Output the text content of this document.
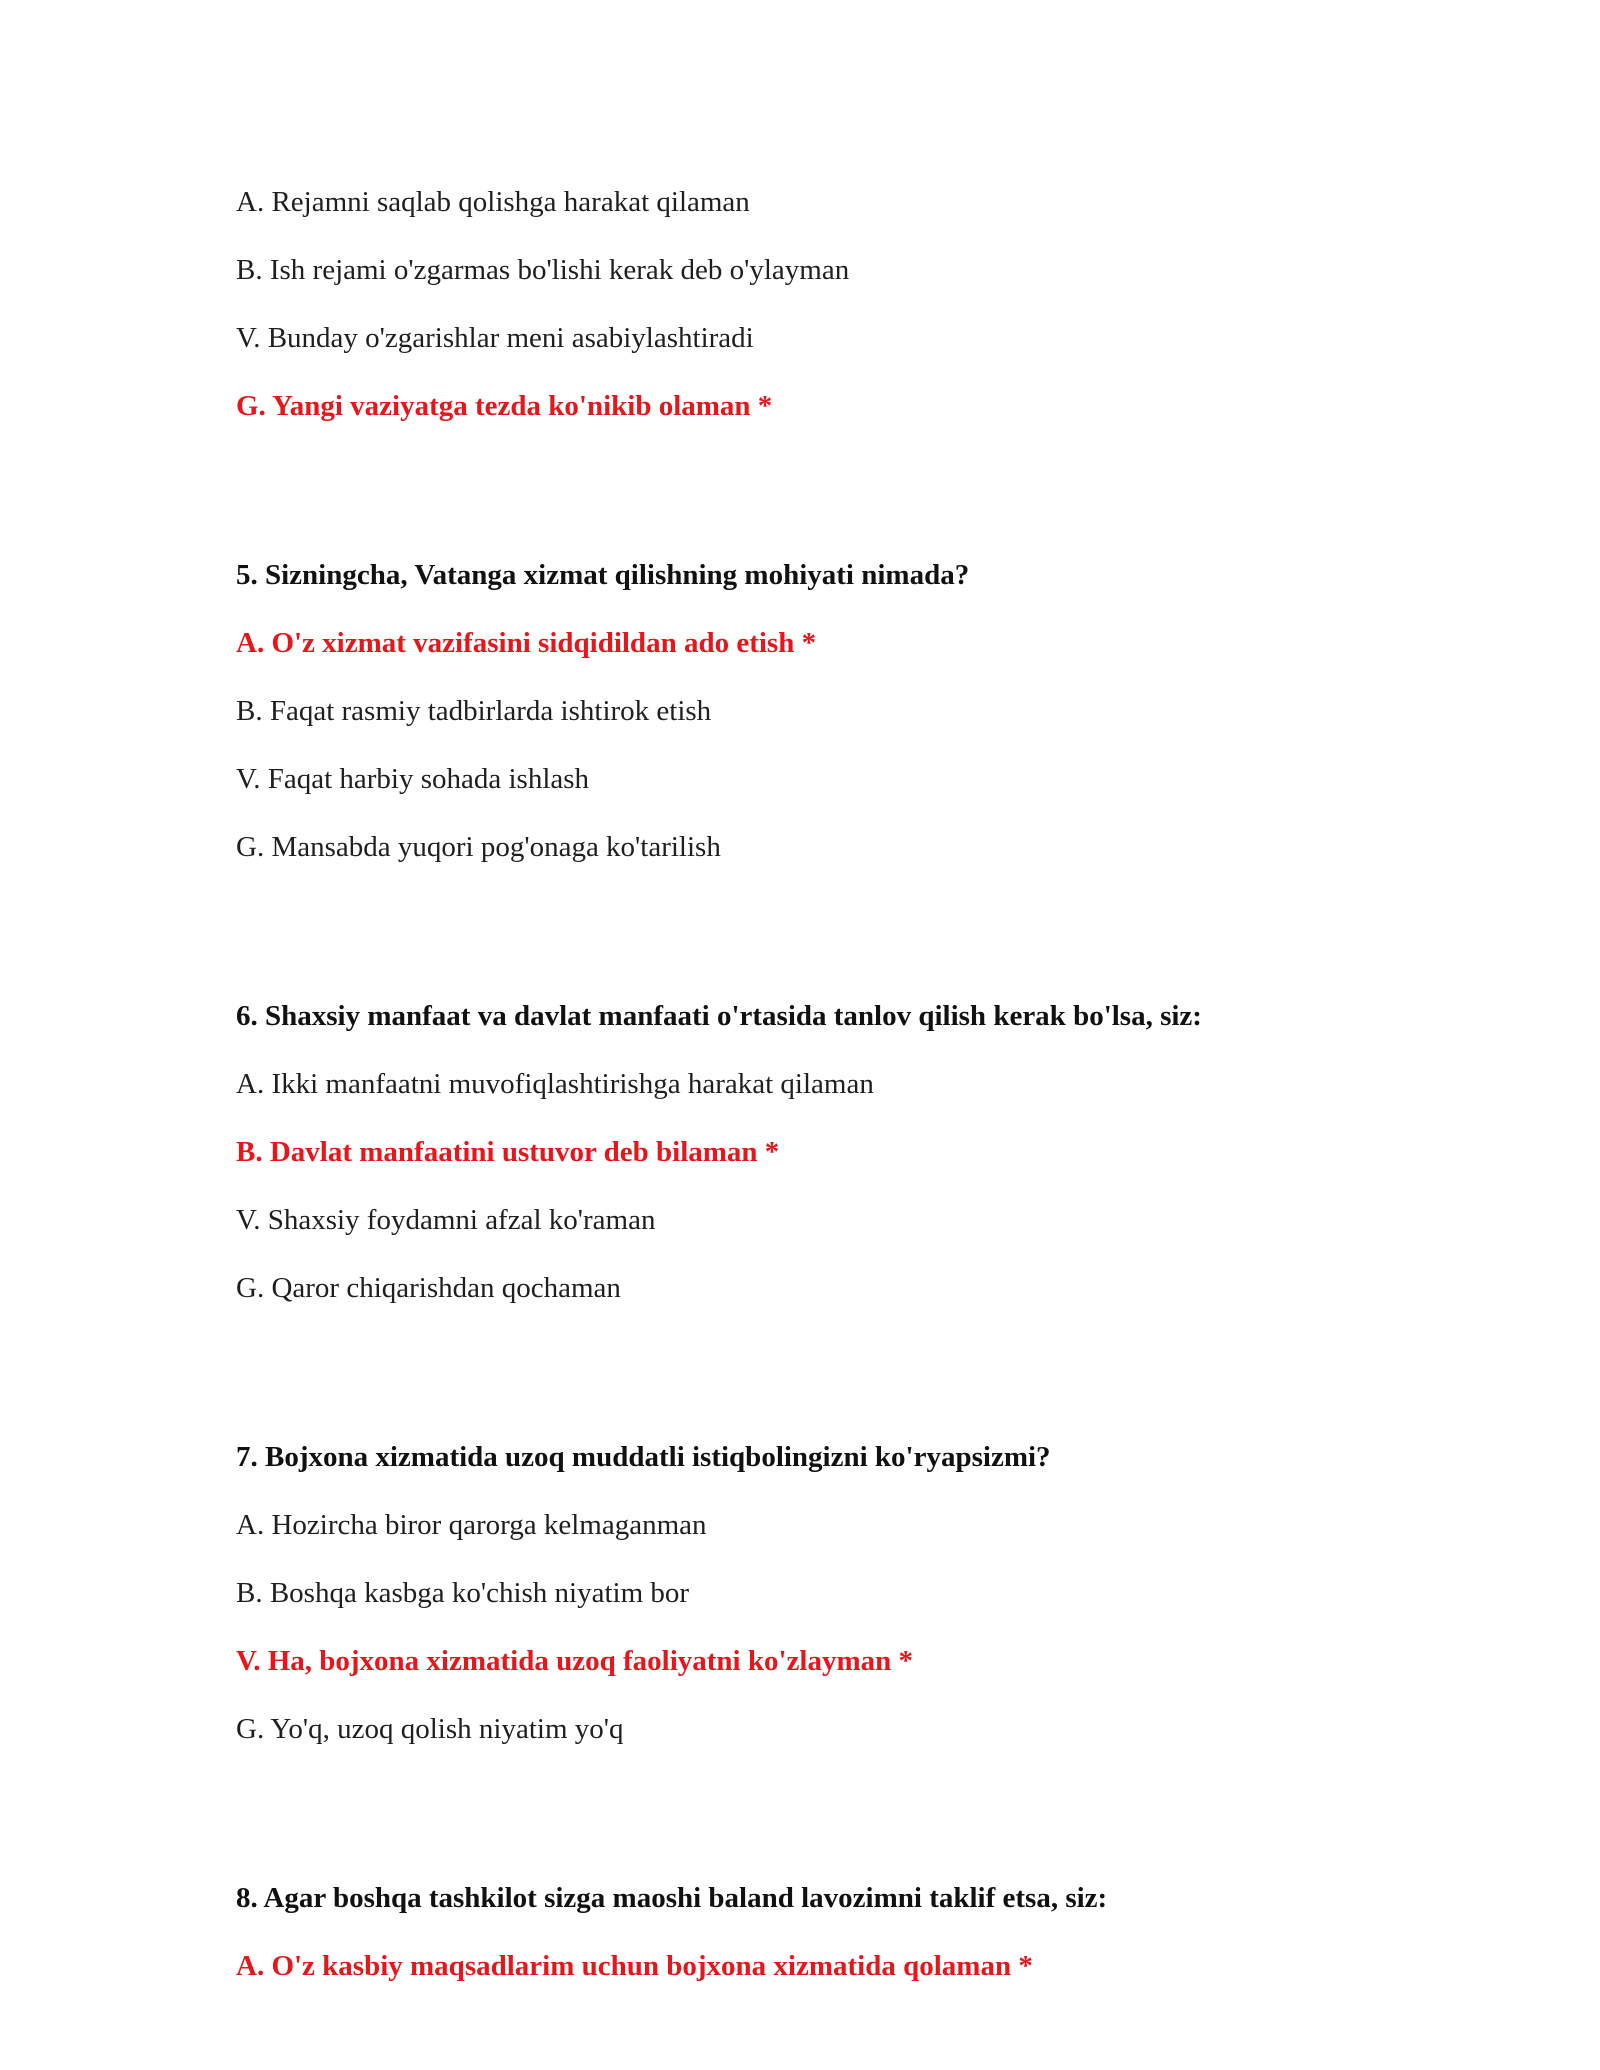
A. Rejamni saqlab qolishga harakat qilaman
B. Ish rejami o'zgarmas bo'lishi kerak deb o'ylayman
V. Bunday o'zgarishlar meni asabiylashtiradi
G. Yangi vaziyatga tezda ko'nikib olaman *
5. Sizningcha, Vatanga xizmat qilishning mohiyati nimada?
A. O'z xizmat vazifasini sidqidildan ado etish *
B. Faqat rasmiy tadbirlarda ishtirok etish
V. Faqat harbiy sohada ishlash
G. Mansabda yuqori pog'onaga ko'tarilish
6. Shaxsiy manfaat va davlat manfaati o'rtasida tanlov qilish kerak bo'lsa, siz:
A. Ikki manfaatni muvofiqlashtirishga harakat qilaman
B. Davlat manfaatini ustuvor deb bilaman *
V. Shaxsiy foydamni afzal ko'raman
G. Qaror chiqarishdan qochaman
7. Bojxona xizmatida uzoq muddatli istiqbolingizni ko'ryapsizmi?
A. Hozircha biror qarorga kelmaganman
B. Boshqa kasbga ko'chish niyatim bor
V. Ha, bojxona xizmatida uzoq faoliyatni ko'zlayman *
G. Yo'q, uzoq qolish niyatim yo'q
8. Agar boshqa tashkilot sizga maoshi baland lavozimni taklif etsa, siz:
A. O'z kasbiy maqsadlarim uchun bojxona xizmatida qolaman *
